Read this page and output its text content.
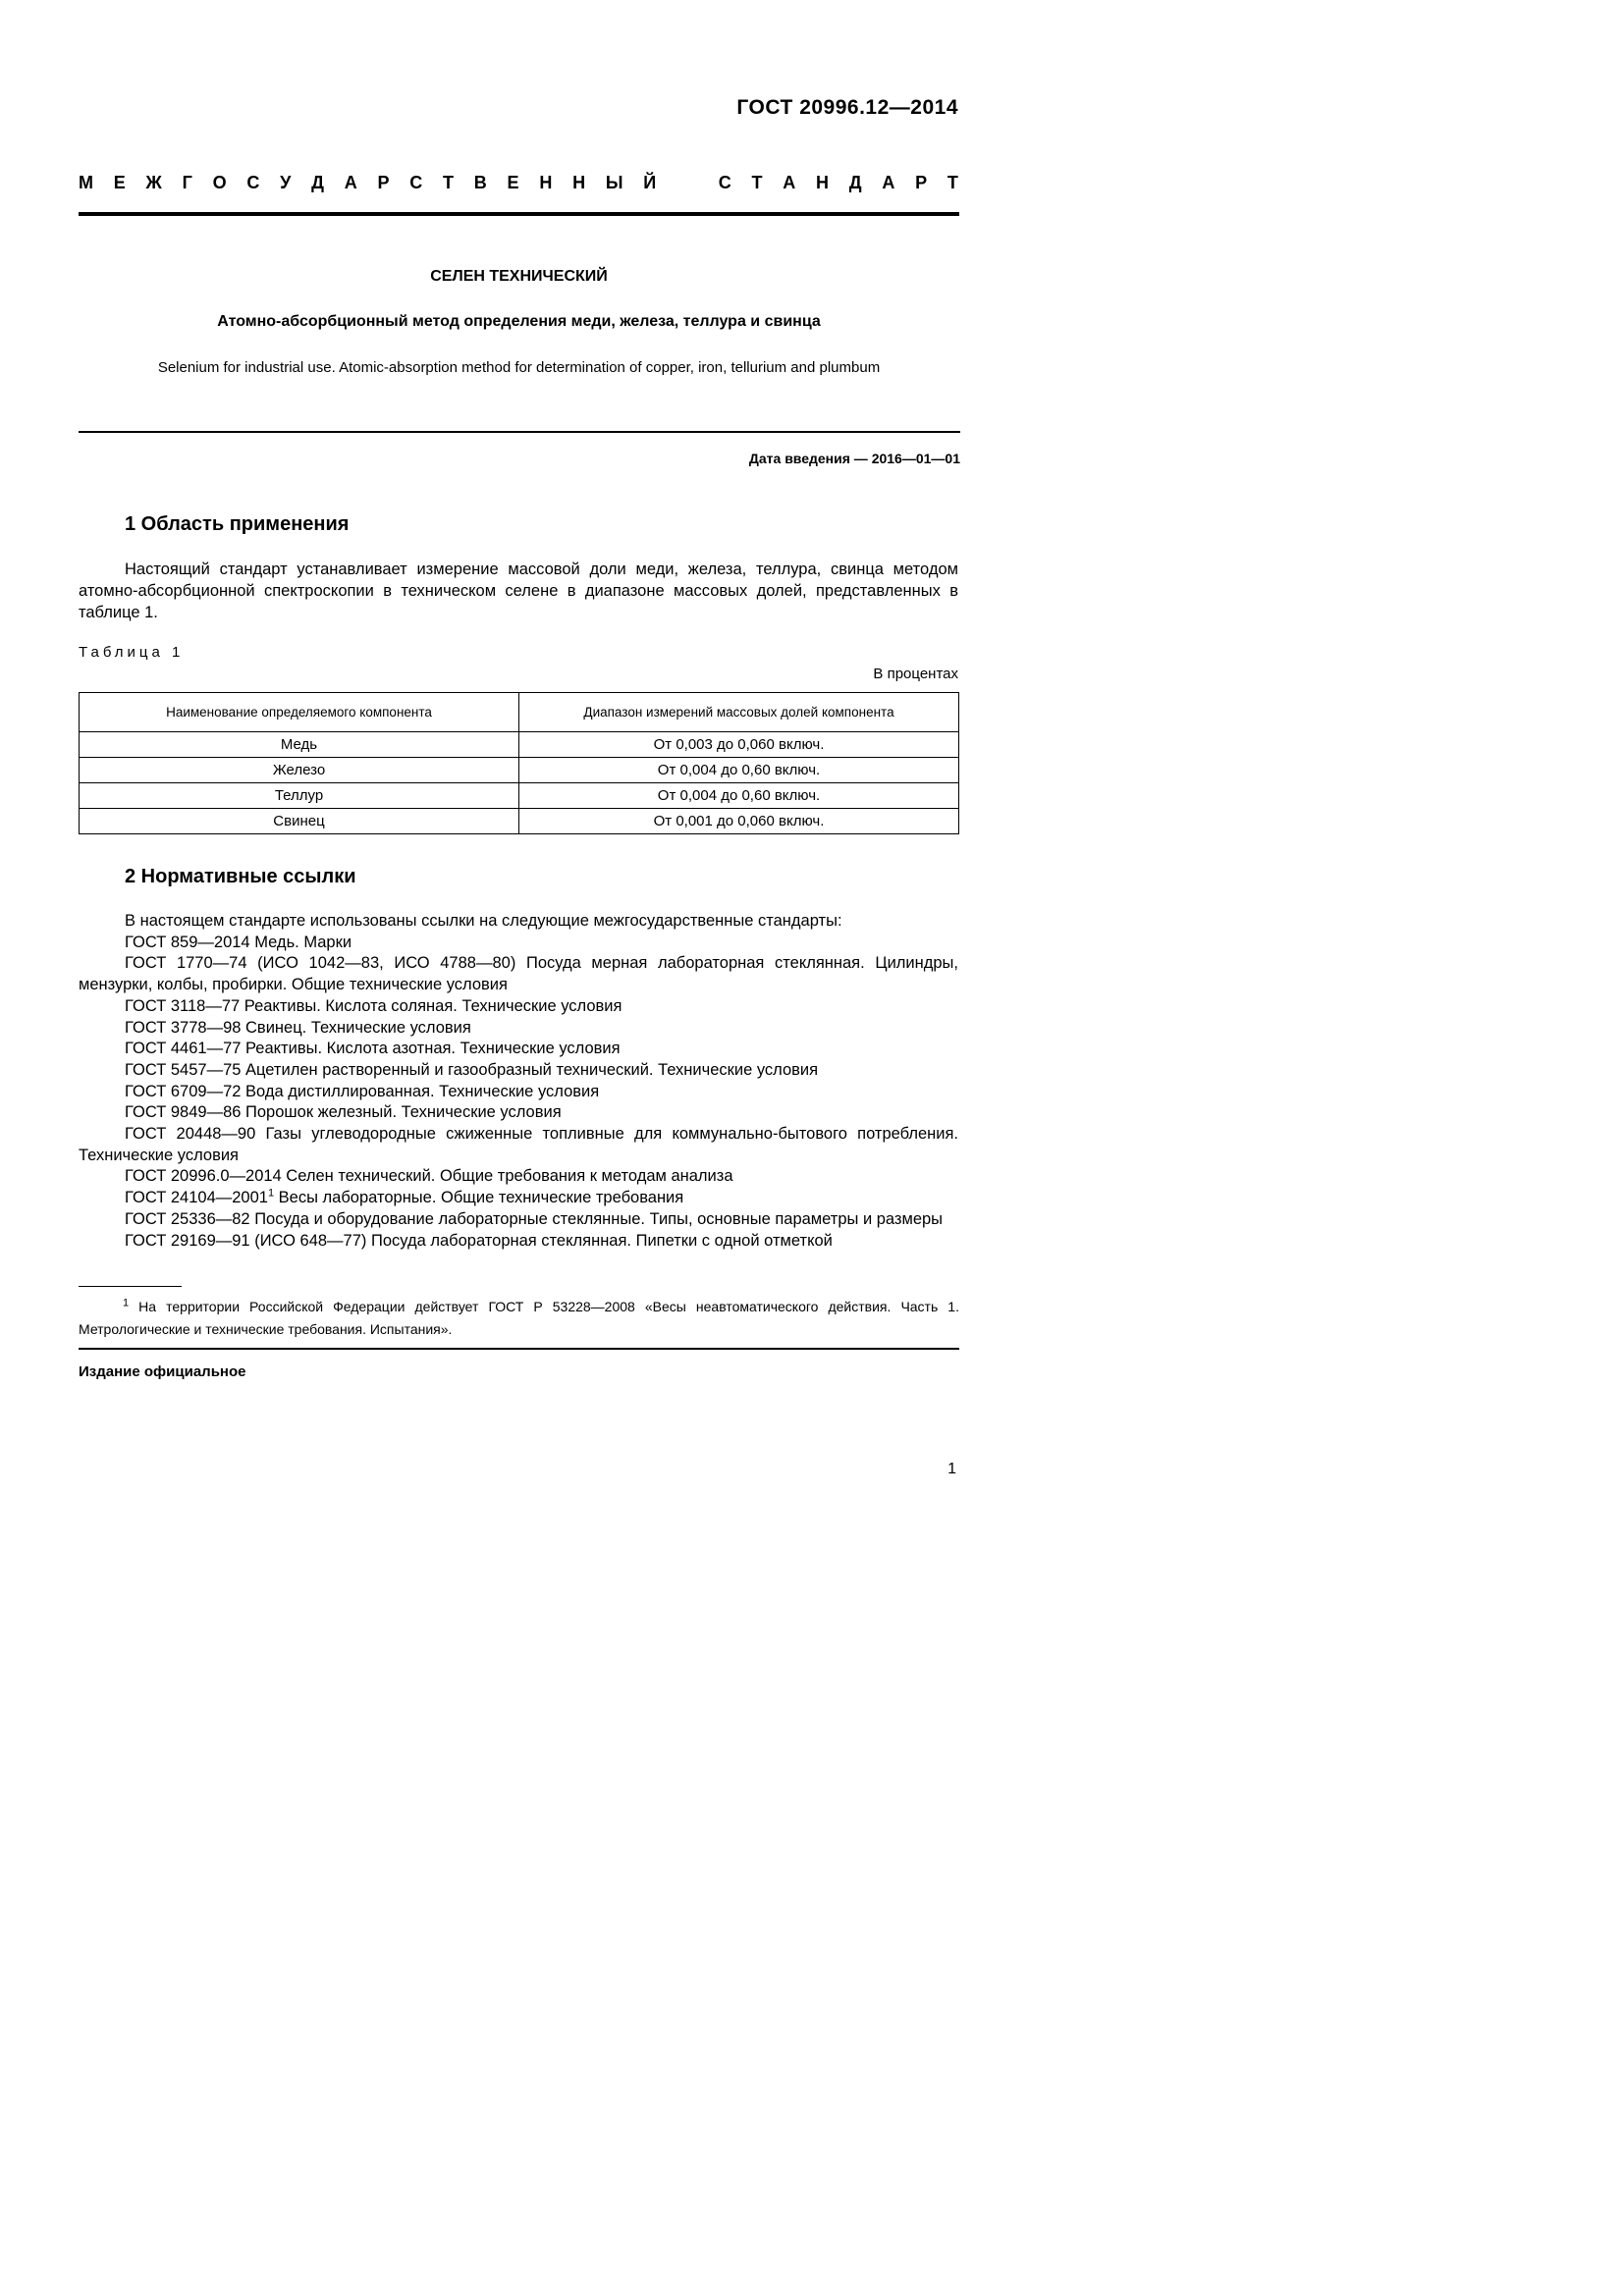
ГОСТ 20996.12—2014
М Е Ж Г О С У Д А Р С Т В Е Н Н Ы Й	С Т А Н Д А Р Т
СЕЛЕН ТЕХНИЧЕСКИЙ
Атомно-абсорбционный метод определения меди, железа, теллура и свинца
Selenium for industrial use. Atomic-absorption method for determination of copper, iron, tellurium and plumbum
Дата введения — 2016—01—01
1 Область применения
Настоящий стандарт устанавливает измерение массовой доли меди, железа, теллура, свинца методом атомно-абсорбционной спектроскопии в техническом селене в диапазоне массовых долей, представленных в таблице 1.
Таблица 1
В процентах
Наименование определяемого компонента	Диапазон измерений массовых долей компонента
Медь	От 0,003 до 0,060 включ.
Железо	От 0,004 до 0,60 включ.
Теллур	От 0,004 до 0,60 включ.
Свинец	От 0,001 до 0,060 включ.
2 Нормативные ссылки
В настоящем стандарте использованы ссылки на следующие межгосударственные стандарты:
ГОСТ 859—2014 Медь. Марки
ГОСТ 1770—74 (ИСО 1042—83, ИСО 4788—80) Посуда мерная лабораторная стеклянная. Цилиндры, мензурки, колбы, пробирки. Общие технические условия
ГОСТ 3118—77 Реактивы. Кислота соляная. Технические условия
ГОСТ 3778—98 Свинец. Технические условия
ГОСТ 4461—77 Реактивы. Кислота азотная. Технические условия
ГОСТ 5457—75 Ацетилен растворенный и газообразный технический. Технические условия
ГОСТ 6709—72 Вода дистиллированная. Технические условия
ГОСТ 9849—86 Порошок железный. Технические условия
ГОСТ 20448—90 Газы углеводородные сжиженные топливные для коммунально-бытового потребления. Технические условия
ГОСТ 20996.0—2014 Селен технический. Общие требования к методам анализа
ГОСТ 24104—2001$^1$ Весы лабораторные. Общие технические требования
ГОСТ 25336—82 Посуда и оборудование лабораторные стеклянные. Типы, основные параметры и размеры
ГОСТ 29169—91 (ИСО 648—77) Посуда лабораторная стеклянная. Пипетки с одной отметкой
$^1$ На территории Российской Федерации действует ГОСТ Р 53228—2008 «Весы неавтоматического действия. Часть 1. Метрологические и технические требования. Испытания».
Издание официальное
1
